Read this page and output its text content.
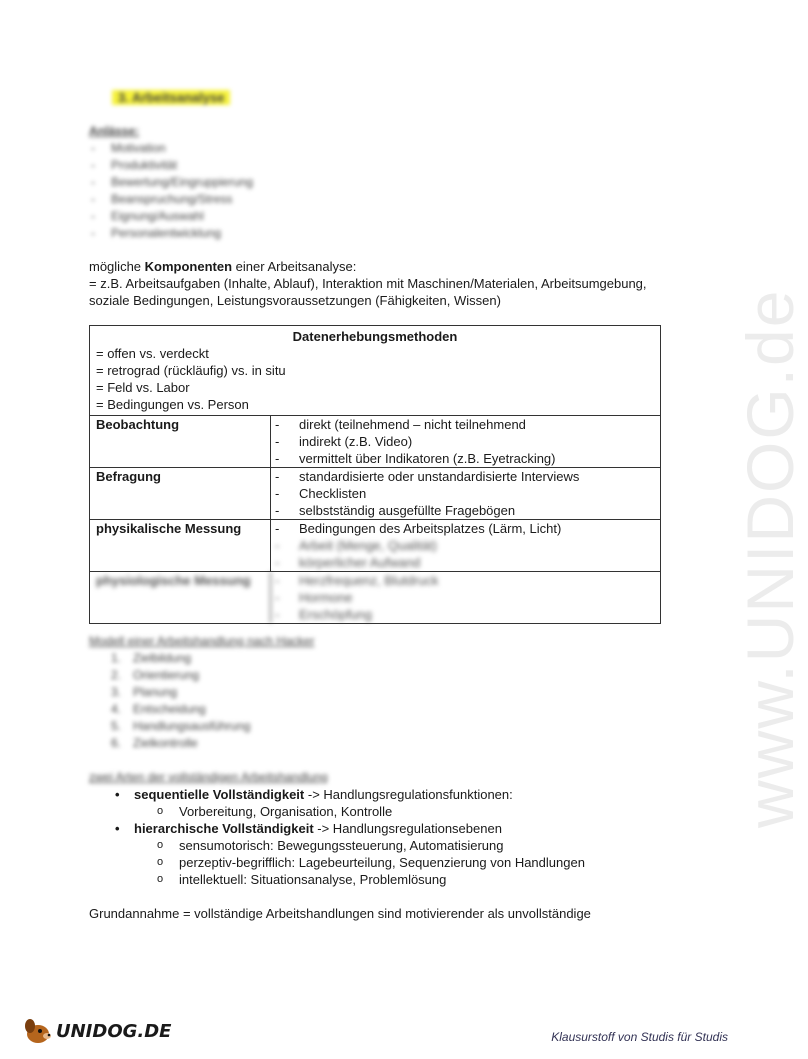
www.UNIDOG.de
3. Arbeitsanalyse
Anlässe:
- Motivation
- Produktivität
- Bewertung/Eingruppierung
- Beanspruchung/Stress
- Eignung/Auswahl
- Personalentwicklung
mögliche Komponenten einer Arbeitsanalyse:
= z.B. Arbeitsaufgaben (Inhalte, Ablauf), Interaktion mit Maschinen/Materialen, Arbeitsumgebung,
soziale Bedingungen, Leistungsvoraussetzungen (Fähigkeiten, Wissen)
Datenerhebungsmethoden
= offen vs. verdeckt
= retrograd (rückläufig) vs. in situ
= Feld vs. Labor
= Bedingungen vs. Person
Beobachtung	- direkt (teilnehmend – nicht teilnehmend
- indirekt (z.B. Video)
- vermittelt über Indikatoren (z.B. Eyetracking)
Befragung	- standardisierte oder unstandardisierte Interviews
- Checklisten
- selbstständig ausgefüllte Fragebögen
physikalische Messung	- Bedingungen des Arbeitsplatzes (Lärm, Licht)
- Arbeit (Menge, Qualität)
- körperlicher Aufwand
physiologische Messung	- Herzfrequenz, Blutdruck
- Hormone
- Erschöpfung
Modell einer Arbeitshandlung nach Hacker
1. Zielbildung
2. Orientierung
3. Planung
4. Entscheidung
5. Handlungsausführung
6. Zielkontrolle
zwei Arten der vollständigen Arbeitshandlung
• sequentielle Vollständigkeit -> Handlungsregulationsfunktionen:
o Vorbereitung, Organisation, Kontrolle
• hierarchische Vollständigkeit -> Handlungsregulationsebenen
o sensumotorisch: Bewegungssteuerung, Automatisierung
o perzeptiv-begrifflich: Lagebeurteilung, Sequenzierung von Handlungen
o intellektuell: Situationsanalyse, Problemlösung
Grundannahme = vollständige Arbeitshandlungen sind motivierender als unvollständige
UNIDOG.DE	Klausurstoff von Studis für Studis
